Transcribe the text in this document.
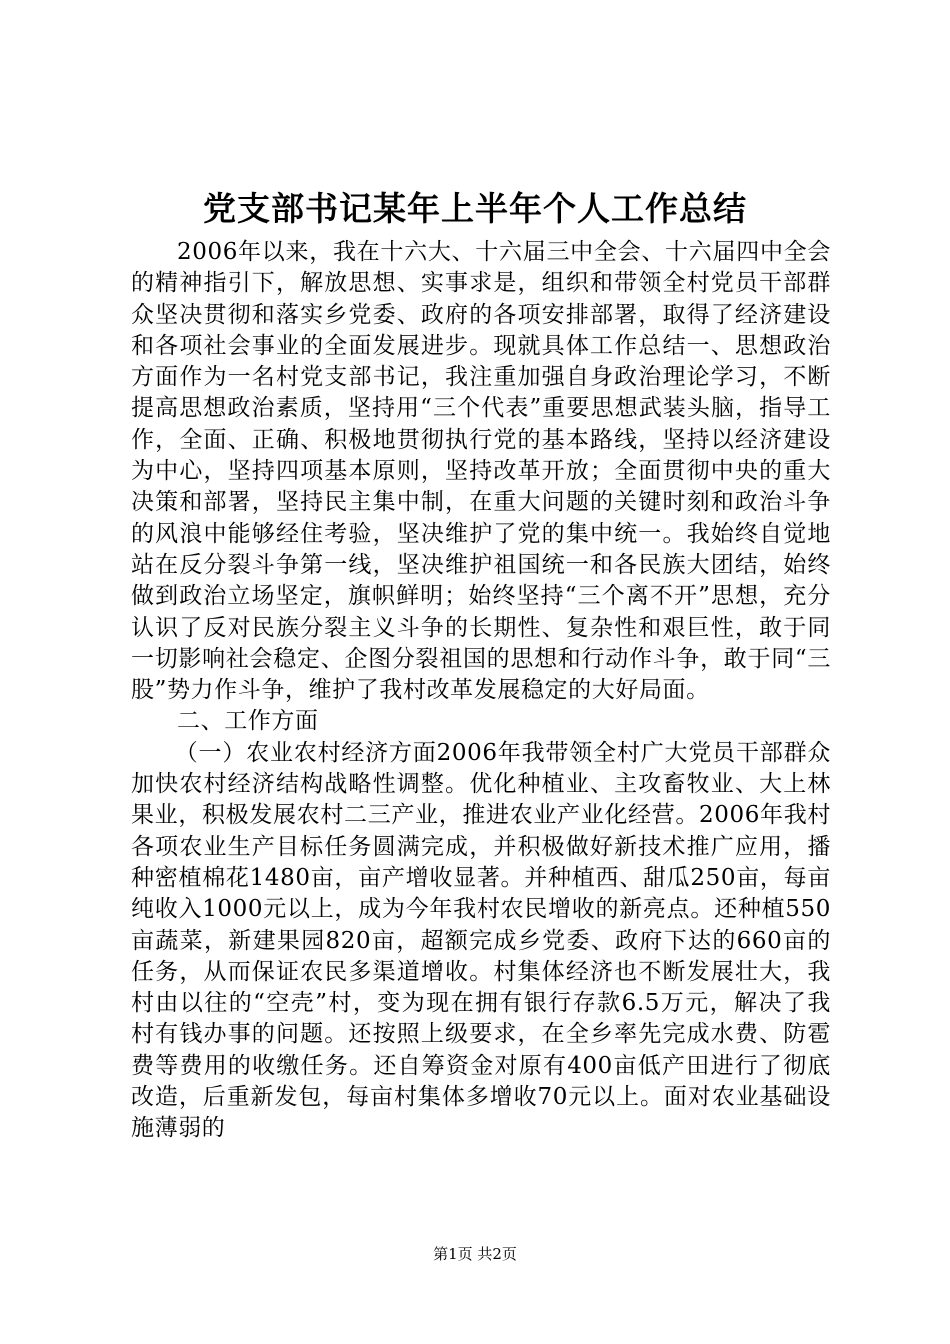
党支部书记某年上半年个人工作总结

2006年以来，我在十六大、十六届三中全会、十六届四中全会的精神指引下，解放思想、实事求是，组织和带领全村党员干部群众坚决贯彻和落实乡党委、政府的各项安排部署，取得了经济建设和各项社会事业的全面发展进步。现就具体工作总结一、思想政治方面作为一名村党支部书记，我注重加强自身政治理论学习，不断提高思想政治素质，坚持用“三个代表”重要思想武装头脑，指导工作，全面、正确、积极地贯彻执行党的基本路线，坚持以经济建设为中心，坚持四项基本原则，坚持改革开放；全面贯彻中央的重大决策和部署，坚持民主集中制，在重大问题的关键时刻和政治斗争的风浪中能够经住考验，坚决维护了党的集中统一。我始终自觉地站在反分裂斗争第一线，坚决维护祖国统一和各民族大团结，始终做到政治立场坚定，旗帜鲜明；始终坚持“三个离不开”思想，充分认识了反对民族分裂主义斗争的长期性、复杂性和艰巨性，敢于同一切影响社会稳定、企图分裂祖国的思想和行动作斗争，敢于同“三股”势力作斗争，维护了我村改革发展稳定的大好局面。

二、工作方面

（一）农业农村经济方面2006年我带领全村广大党员干部群众加快农村经济结构战略性调整。优化种植业、主攻畜牧业、大上林果业，积极发展农村二三产业，推进农业产业化经营。2006年我村各项农业生产目标任务圆满完成，并积极做好新技术推广应用，播种密植棉花1480亩，亩产增收显著。并种植西、甜瓜250亩，每亩纯收入1000元以上，成为今年我村农民增收的新亮点。还种植550亩蔬菜，新建果园820亩，超额完成乡党委、政府下达的660亩的任务，从而保证农民多渠道增收。村集体经济也不断发展壮大，我村由以往的“空壳”村，变为现在拥有银行存款6.5万元，解决了我村有钱办事的问题。还按照上级要求，在全乡率先完成水费、防雹费等费用的收缴任务。还自筹资金对原有400亩低产田进行了彻底改造，后重新发包，每亩村集体多增收70元以上。面对农业基础设施薄弱的

第1页 共2页
